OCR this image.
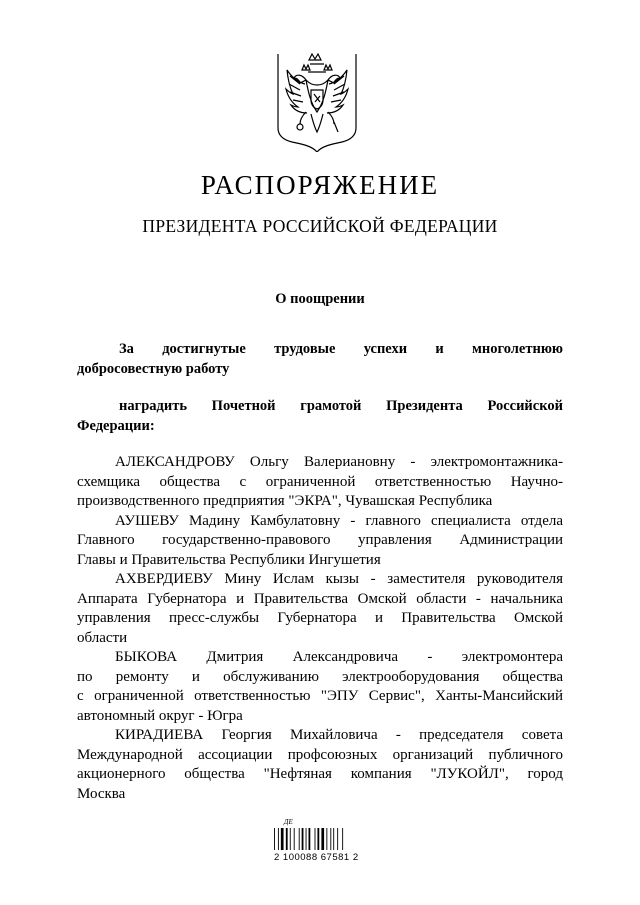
РАСПОРЯЖЕНИЕ
ПРЕЗИДЕНТА РОССИЙСКОЙ ФЕДЕРАЦИИ
О поощрении
За достигнутые трудовые успехи и многолетнюю
добросовестную работу
наградить Почетной грамотой Президента Российской
Федерации:
АЛЕКСАНДРОВУ Ольгу Валериановну - электромонтажника-
схемщика общества с ограниченной ответственностью Научно-
производственного предприятия "ЭКРА", Чувашская Республика
АУШЕВУ Мадину Камбулатовну - главного специалиста отдела
Главного государственно-правового управления Администрации
Главы и Правительства Республики Ингушетия
АХВЕРДИЕВУ Мину Ислам кызы - заместителя руководителя
Аппарата Губернатора и Правительства Омской области - начальника
управления пресс-службы Губернатора и Правительства Омской
области
БЫКОВА Дмитрия Александровича - электромонтера
по ремонту и обслуживанию электрооборудования общества
с ограниченной ответственностью "ЭПУ Сервис", Ханты-Мансийский
автономный округ - Югра
КИРАДИЕВА Георгия Михайловича - председателя совета
Международной ассоциации профсоюзных организаций публичного
акционерного общества "Нефтяная компания "ЛУКОЙЛ", город
Москва
ДЕ
2 100088 67581 2
